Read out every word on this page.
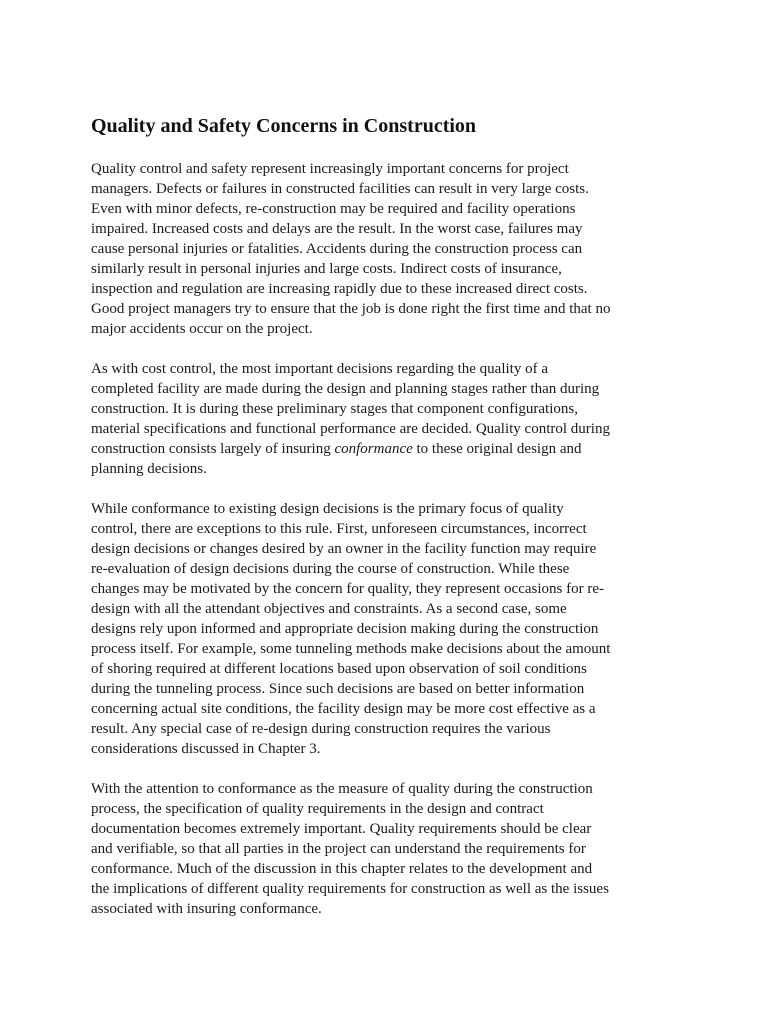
Quality and Safety Concerns in Construction

Quality control and safety represent increasingly important concerns for project
managers. Defects or failures in constructed facilities can result in very large costs.
Even with minor defects, re-construction may be required and facility operations
impaired. Increased costs and delays are the result. In the worst case, failures may
cause personal injuries or fatalities. Accidents during the construction process can
similarly result in personal injuries and large costs. Indirect costs of insurance,
inspection and regulation are increasing rapidly due to these increased direct costs.
Good project managers try to ensure that the job is done right the first time and that no
major accidents occur on the project.

As with cost control, the most important decisions regarding the quality of a
completed facility are made during the design and planning stages rather than during
construction. It is during these preliminary stages that component configurations,
material specifications and functional performance are decided. Quality control during
construction consists largely of insuring conformance to these original design and
planning decisions.

While conformance to existing design decisions is the primary focus of quality
control, there are exceptions to this rule. First, unforeseen circumstances, incorrect
design decisions or changes desired by an owner in the facility function may require
re-evaluation of design decisions during the course of construction. While these
changes may be motivated by the concern for quality, they represent occasions for re-
design with all the attendant objectives and constraints. As a second case, some
designs rely upon informed and appropriate decision making during the construction
process itself. For example, some tunneling methods make decisions about the amount
of shoring required at different locations based upon observation of soil conditions
during the tunneling process. Since such decisions are based on better information
concerning actual site conditions, the facility design may be more cost effective as a
result. Any special case of re-design during construction requires the various
considerations discussed in Chapter 3.

With the attention to conformance as the measure of quality during the construction
process, the specification of quality requirements in the design and contract
documentation becomes extremely important. Quality requirements should be clear
and verifiable, so that all parties in the project can understand the requirements for
conformance. Much of the discussion in this chapter relates to the development and
the implications of different quality requirements for construction as well as the issues
associated with insuring conformance.
